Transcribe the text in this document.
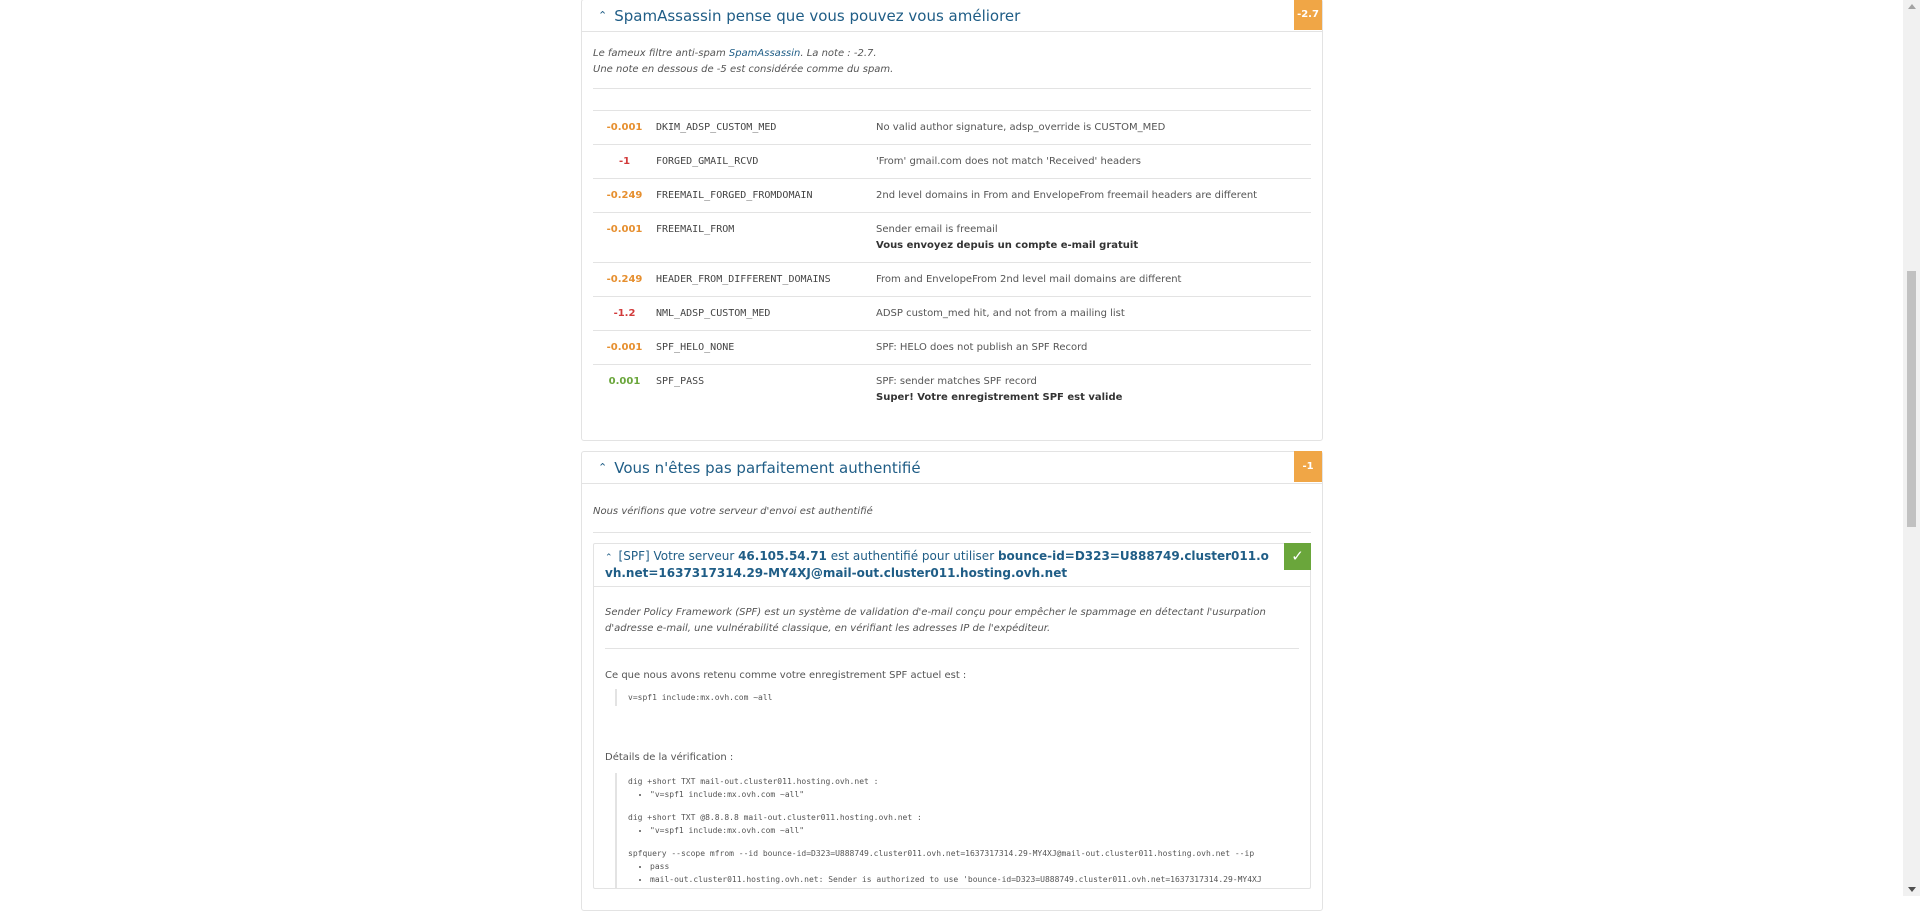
⌃ SpamAssassin pense que vous pouvez vous améliorer	-2.7
Le fameux filtre anti-spam SpamAssassin. La note : -2.7.
Une note en dessous de -5 est considérée comme du spam.
-0.001	DKIM_ADSP_CUSTOM_MED	No valid author signature, adsp_override is CUSTOM_MED
-1	FORGED_GMAIL_RCVD	'From' gmail.com does not match 'Received' headers
-0.249	FREEMAIL_FORGED_FROMDOMAIN	2nd level domains in From and EnvelopeFrom freemail headers are different
-0.001	FREEMAIL_FROM	Sender email is freemail
Vous envoyez depuis un compte e-mail gratuit

-0.249	HEADER_FROM_DIFFERENT_DOMAINS	From and EnvelopeFrom 2nd level mail domains are different
-1.2	NML_ADSP_CUSTOM_MED	ADSP custom_med hit, and not from a mailing list
-0.001	SPF_HELO_NONE	SPF: HELO does not publish an SPF Record
0.001	SPF_PASS	SPF: sender matches SPF record
Super! Votre enregistrement SPF est valide
⌃ Vous n'êtes pas parfaitement authentifié	-1
Nous vérifions que votre serveur d'envoi est authentifié
⌃ [SPF] Votre serveur 46.105.54.71 est authentifié pour utiliser bounce-id=D323=U888749.cluster011.ovh.net=1637317314.29-MY4XJ@mail-out.cluster011.hosting.ovh.net
✓
Sender Policy Framework (SPF) est un système de validation d'e-mail conçu pour empêcher le spammage en détectant l'usurpation d'adresse e-mail, une vulnérabilité classique, en vérifiant les adresses IP de l'expéditeur.
Ce que nous avons retenu comme votre enregistrement SPF actuel est :
v=spf1 include:mx.ovh.com ~all
Détails de la vérification :
dig +short TXT mail-out.cluster011.hosting.ovh.net :
• "v=spf1 include:mx.ovh.com ~all"
dig +short TXT @8.8.8.8 mail-out.cluster011.hosting.ovh.net :
• "v=spf1 include:mx.ovh.com ~all"
spfquery --scope mfrom --id bounce-id=D323=U888749.cluster011.ovh.net=1637317314.29-MY4XJ@mail-out.cluster011.hosting.ovh.net --ip
• pass
• mail-out.cluster011.hosting.ovh.net: Sender is authorized to use 'bounce-id=D323=U888749.cluster011.ovh.net=1637317314.29-MY4XJ
